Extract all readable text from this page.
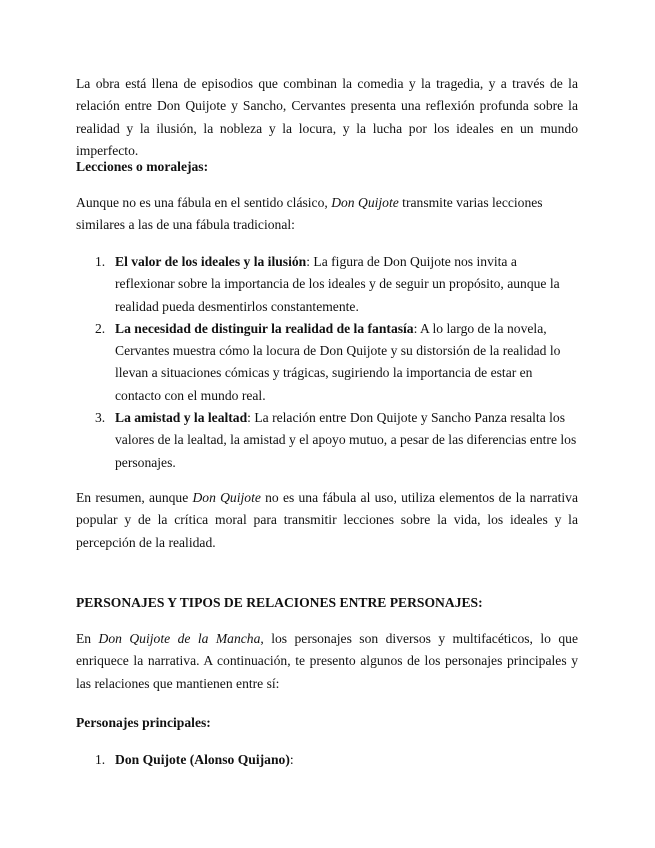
La obra está llena de episodios que combinan la comedia y la tragedia, y a través de la relación entre Don Quijote y Sancho, Cervantes presenta una reflexión profunda sobre la realidad y la ilusión, la nobleza y la locura, y la lucha por los ideales en un mundo imperfecto.

Lecciones o moralejas:

Aunque no es una fábula en el sentido clásico, Don Quijote transmite varias lecciones similares a las de una fábula tradicional:

1. El valor de los ideales y la ilusión: La figura de Don Quijote nos invita a reflexionar sobre la importancia de los ideales y de seguir un propósito, aunque la realidad pueda desmentirlos constantemente.
2. La necesidad de distinguir la realidad de la fantasía: A lo largo de la novela, Cervantes muestra cómo la locura de Don Quijote y su distorsión de la realidad lo llevan a situaciones cómicas y trágicas, sugiriendo la importancia de estar en contacto con el mundo real.
3. La amistad y la lealtad: La relación entre Don Quijote y Sancho Panza resalta los valores de la lealtad, la amistad y el apoyo mutuo, a pesar de las diferencias entre los personajes.

En resumen, aunque Don Quijote no es una fábula al uso, utiliza elementos de la narrativa popular y de la crítica moral para transmitir lecciones sobre la vida, los ideales y la percepción de la realidad.

PERSONAJES Y TIPOS DE RELACIONES ENTRE PERSONAJES:

En Don Quijote de la Mancha, los personajes son diversos y multifacéticos, lo que enriquece la narrativa. A continuación, te presento algunos de los personajes principales y las relaciones que mantienen entre sí:

Personajes principales:

1. Don Quijote (Alonso Quijano):
